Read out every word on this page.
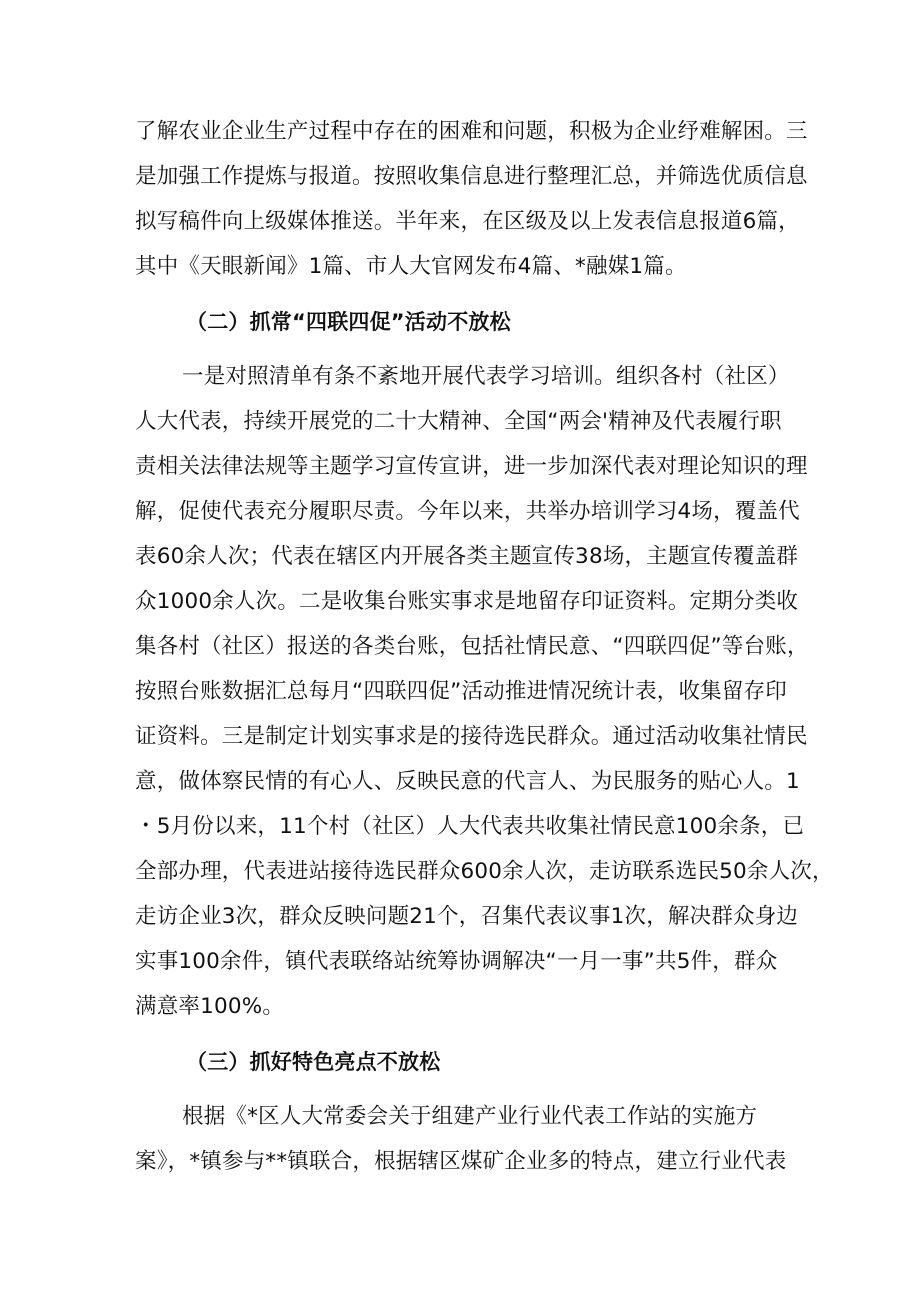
了解农业企业生产过程中存在的困难和问题，积极为企业纾难解困。三
是加强工作提炼与报道。按照收集信息进行整理汇总，并筛选优质信息
拟写稿件向上级媒体推送。半年来，在区级及以上发表信息报道6篇，
其中《天眼新闻》1篇、市人大官网发布4篇、*融媒1篇。
（二）抓常“四联四促”活动不放松
一是对照清单有条不紊地开展代表学习培训。组织各村（社区）
人大代表，持续开展党的二十大精神、全国“两会'精神及代表履行职
责相关法律法规等主题学习宣传宣讲，进一步加深代表对理论知识的理
解，促使代表充分履职尽责。今年以来，共举办培训学习4场，覆盖代
表60余人次；代表在辖区内开展各类主题宣传38场，主题宣传覆盖群
众1000余人次。二是收集台账实事求是地留存印证资料。定期分类收
集各村（社区）报送的各类台账，包括社情民意、“四联四促”等台账，
按照台账数据汇总每月“四联四促”活动推进情况统计表，收集留存印
证资料。三是制定计划实事求是的接待选民群众。通过活动收集社情民
意，做体察民情的有心人、反映民意的代言人、为民服务的贴心人。1
・5月份以来，11个村（社区）人大代表共收集社情民意100余条，已
全部办理，代表进站接待选民群众600余人次，走访联系选民50余人次，
走访企业3次，群众反映问题21个，召集代表议事1次，解决群众身边
实事100余件，镇代表联络站统筹协调解决“一月一事”共5件，群众
满意率100%。
（三）抓好特色亮点不放松
根据《*区人大常委会关于组建产业行业代表工作站的实施方
案》，*镇参与**镇联合，根据辖区煤矿企业多的特点，建立行业代表
